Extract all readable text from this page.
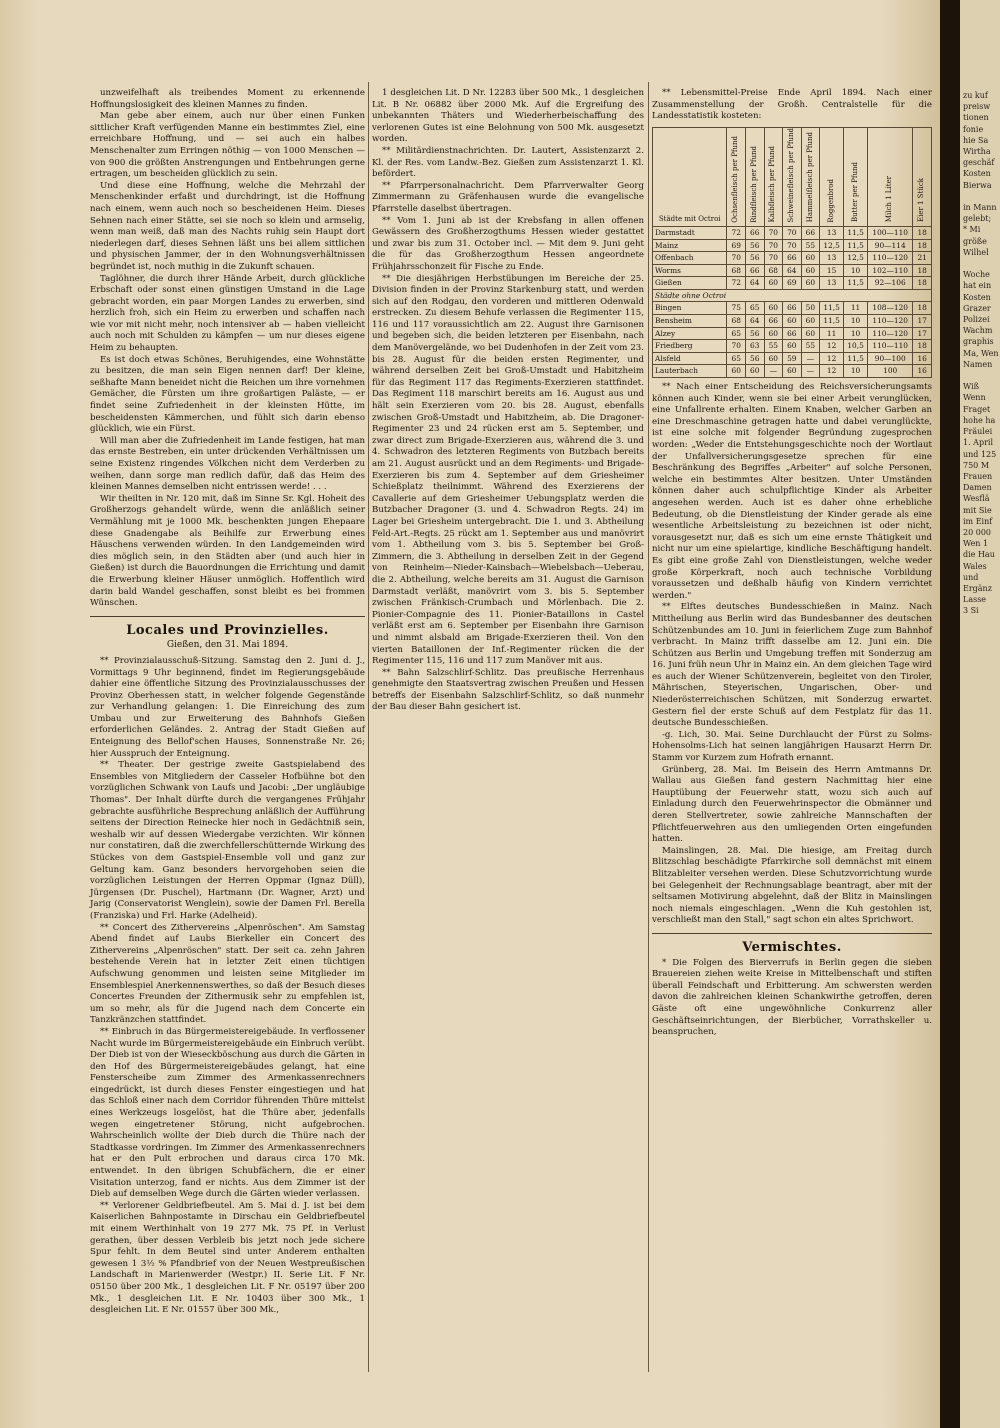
unzweifelhaft als treibendes Moment zu erkennende Hoffnungslosigkeit des kleinen Mannes zu finden.

Man gebe aber einem, auch nur über einen Funken sittlicher Kraft verfügenden Manne ein bestimmtes Ziel, eine erreichbare Hoffnung, und — sei auch ein halbes Menschenalter zum Erringen nöthig — von 1000 Menschen — von 900 die größten Anstrengungen und Entbehrungen gerne ertragen, um bescheiden glücklich zu sein.

Und diese eine Hoffnung, welche die Mehrzahl der Menschenkinder erfaßt und durchdringt, ist die Hoffnung nach einem, wenn auch noch so bescheidenen Heim. Dieses Sehnen nach einer Stätte, sei sie noch so klein und armselig, wenn man weiß, daß man des Nachts ruhig sein Haupt dort niederlegen darf, dieses Sehnen läßt uns bei allem sittlichen und physischen Jammer, der in den Wohnungsverhältnissen begründet ist, noch muthig in die Zukunft schauen.

Taglöhner, die durch ihrer Hände Arbeit, durch glückliche Erbschaft oder sonst einen günstigen Umstand in die Lage gebracht worden, ein paar Morgen Landes zu erwerben, sind herzlich froh, sich ein Heim zu erwerben und schaffen nach wie vor mit nicht mehr, noch intensiver ab — haben vielleicht auch noch mit Schulden zu kämpfen — um nur dieses eigene Heim zu behaupten.

Es ist doch etwas Schönes, Beruhigendes, eine Wohnstätte zu besitzen, die man sein Eigen nennen darf! Der kleine, seßhafte Mann beneidet nicht die Reichen um ihre vornehmen Gemächer, die Fürsten um ihre großartigen Paläste, — er findet seine Zufriedenheit in der kleinsten Hütte, im bescheidensten Kämmerchen, und fühlt sich darin ebenso glücklich, wie ein Fürst.

Will man aber die Zufriedenheit im Lande festigen, hat man das ernste Bestreben, ein unter drückenden Verhältnissen um seine Existenz ringendes Völkchen nicht dem Verderben zu weihen, dann sorge man redlich dafür, daß das Heim des kleinen Mannes demselben nicht entrissen werde! . . .

Wir theilten in Nr. 120 mit, daß im Sinne Sr. Kgl. Hoheit des Großherzogs gehandelt würde, wenn die anläßlich seiner Vermählung mit je 1000 Mk. beschenkten jungen Ehepaare diese Gnadengabe als Beihilfe zur Erwerbung eines Häuschens verwenden würden. In den Landgemeinden wird dies möglich sein, in den Städten aber (und auch hier in Gießen) ist durch die Bauordnungen die Errichtung und damit die Erwerbung kleiner Häuser unmöglich. Hoffentlich wird darin bald Wandel geschaffen, sonst bleibt es bei frommen Wünschen.

Locales und Provinzielles.
Gießen, den 31. Mai 1894.

** Provinzialausschuß-Sitzung. Samstag den 2. Juni d. J., Vormittags 9 Uhr beginnend, findet im Regierungsgebäude dahier eine öffentliche Sitzung des Provinzialausschusses der Provinz Oberhessen statt, in welcher folgende Gegenstände zur Verhandlung gelangen: 1. Die Einreichung des zum Umbau und zur Erweiterung des Bahnhofs Gießen erforderlichen Geländes. 2. Antrag der Stadt Gießen auf Enteignung des Bellof'schen Hauses, Sonnenstraße Nr. 26; hier Ausspruch der Enteignung.

** Theater. Der gestrige zweite Gastspielabend des Ensembles von Mitgliedern der Casseler Hofbühne bot den vorzüglichen Schwank von Laufs und Jacobi: „Der ungläubige Thomas". Der Inhalt dürfte durch die vergangenes Frühjahr gebrachte ausführliche Besprechung anläßlich der Aufführung seitens der Direction Reinecke hier noch in Gedächtniß sein, weshalb wir auf dessen Wiedergabe verzichten. Wir können nur constatiren, daß die zwerchfellerschütternde Wirkung des Stückes von dem Gastspiel-Ensemble voll und ganz zur Geltung kam. Ganz besonders hervorgehoben seien die vorzüglichen Leistungen der Herren Oppmar (Ignaz Düll), Jürgensen (Dr. Puschel), Hartmann (Dr. Wagner, Arzt) und Jarig (Conservatorist Wenglein), sowie der Damen Frl. Berella (Franziska) und Frl. Harke (Adelheid).

** Concert des Zithervereins „Alpenröschen". Am Samstag Abend findet auf Laubs Bierkeller ein Concert des Zithervereins „Alpenröschen" statt. Der seit ca. zehn Jahren bestehende Verein hat in letzter Zeit einen tüchtigen Aufschwung genommen und leisten seine Mitglieder im Ensemblespiel Anerkennenswerthes, so daß der Besuch dieses Concertes Freunden der Zithermusik sehr zu empfehlen ist, um so mehr, als für die Jugend nach dem Concerte ein Tanzkränzchen stattfindet.

** Einbruch in das Bürgermeistereigebäude. In verflossener Nacht wurde im Bürgermeistereigebäude ein Einbruch verübt. Der Dieb ist von der Wieseckböschung aus durch die Gärten in den Hof des Bürgermeistereigebäudes gelangt, hat eine Fensterscheibe zum Zimmer des Armenkassenrechners eingedrückt, ist durch dieses Fenster eingestiegen und hat das Schloß einer nach dem Corridor führenden Thüre mittelst eines Werkzeugs losgelöst, hat die Thüre aber, jedenfalls wegen eingetretener Störung, nicht aufgebrochen. Wahrscheinlich wollte der Dieb durch die Thüre nach der Stadtkasse vordringen. Im Zimmer des Armenkassenrechners hat er den Pult erbrochen und daraus circa 170 Mk. entwendet. In den übrigen Schubfächern, die er einer Visitation unterzog, fand er nichts. Aus dem Zimmer ist der Dieb auf demselben Wege durch die Gärten wieder verlassen.

** Verlorener Geldbriefbeutel. Am 5. Mai d. J. ist bei dem Kaiserlichen Bahnpostamte in Dirschau ein Geldbriefbeutel mit einem Werthinhalt von 19 277 Mk. 75 Pf. in Verlust gerathen, über dessen Verbleib bis jetzt noch jede sichere Spur fehlt. In dem Beutel sind unter Anderem enthalten gewesen 1 3½ % Pfandbrief von der Neuen Westpreußischen Landschaft in Marienwerder (Westpr.) II. Serie Lit. F Nr. 05150 über 200 Mk., 1 desgleichen Lit. F Nr. 05197 über 200 Mk., 1 desgleichen Lit. E Nr. 10403 über 300 Mk., 1 desgleichen Lit. E Nr. 01557 über 300 Mk.,

1 desgleichen Lit. D Nr. 12283 über 500 Mk., 1 desgleichen Lit. B Nr. 06882 über 2000 Mk. Auf die Ergreifung des unbekannten Thäters und Wiederherbeischaffung des verlorenen Gutes ist eine Belohnung von 500 Mk. ausgesetzt worden.

** Militärdienstnachrichten. Dr. Lautert, Assistenzarzt 2. Kl. der Res. vom Landw.-Bez. Gießen zum Assistenzarzt 1. Kl. befördert.

** Pfarrpersonalnachricht. Dem Pfarrverwalter Georg Zimmermann zu Gräfenhausen wurde die evangelische Pfarrstelle daselbst übertragen.

** Vom 1. Juni ab ist der Krebsfang in allen offenen Gewässern des Großherzogthums Hessen wieder gestattet und zwar bis zum 31. October incl. — Mit dem 9. Juni geht die für das Großherzogthum Hessen angeordnete Frühjahrsschonzeit für Fische zu Ende.

** Die diesjährigen Herbstübungen im Bereiche der 25. Division finden in der Provinz Starkenburg statt, und werden sich auf den Rodgau, den vorderen und mittleren Odenwald erstrecken. Zu diesem Behufe verlassen die Regimenter 115, 116 und 117 voraussichtlich am 22. August ihre Garnisonen und begeben sich, die beiden letzteren per Eisenbahn, nach dem Manövergelände, wo bei Dudenhofen in der Zeit vom 23. bis 28. August für die beiden ersten Regimenter, und während derselben Zeit bei Groß-Umstadt und Habitzheim für das Regiment 117 das Regiments-Exerzieren stattfindet. Das Regiment 118 marschirt bereits am 16. August aus und hält sein Exerzieren vom 20. bis 28. August, ebenfalls zwischen Groß-Umstadt und Habitzheim, ab. Die Dragoner-Regimenter 23 und 24 rücken erst am 5. September, und zwar direct zum Brigade-Exerzieren aus, während die 3. und 4. Schwadron des letzteren Regiments von Butzbach bereits am 21. August ausrückt und an dem Regiments- und Brigade-Exerzieren bis zum 4. September auf dem Griesheimer Schießplatz theilnimmt. Während des Exerzierens der Cavallerie auf dem Griesheimer Uebungsplatz werden die Butzbacher Dragoner (3. und 4. Schwadron Regts. 24) im Lager bei Griesheim untergebracht. Die 1. und 3. Abtheilung Feld-Art.-Regts. 25 rückt am 1. September aus und manövrirt vom 1. Abtheilung vom 3. bis 5. September bei Groß-Zimmern, die 3. Abtheilung in derselben Zeit in der Gegend von Reinheim—Nieder-Kainsbach—Wiebelsbach—Ueberau, die 2. Abtheilung, welche bereits am 31. August die Garnison Darmstadt verläßt, manövrirt vom 3. bis 5. September zwischen Fränkisch-Crumbach und Mörlenbach. Die 2. Pionier-Compagnie des 11. Pionier-Bataillons in Castel verläßt erst am 6. September per Eisenbahn ihre Garnison und nimmt alsbald am Brigade-Exerzieren theil. Von den vierten Bataillonen der Inf.-Regimenter rücken die der Regimenter 115, 116 und 117 zum Manöver mit aus.

** Bahn Salzschlirf-Schlitz. Das preußische Herrenhaus genehmigte den Staatsvertrag zwischen Preußen und Hessen betreffs der Eisenbahn Salzschlirf-Schlitz, so daß nunmehr der Bau dieser Bahn gesichert ist.

** Lebensmittel-Preise Ende April 1894. Nach einer Zusammenstellung der Großh. Centralstelle für die Landesstatistik kosteten:

Städte mit Octroi	Ochsenfleisch per Pfund	Rindfleisch per Pfund	Kalbfleisch per Pfund	Schweinefleisch per Pfund	Hammelfleisch per Pfund	Roggenbrod	Butter per Pfund	Milch 1 Liter	Eier 1 Stück
Darmstadt	72	66	70	70	66	13	11,5	100—110	18
Mainz	69	56	70	70	55	12,5	11,5	90—114	18
Offenbach	70	56	70	66	60	13	12,5	110—120	21
Worms	68	66	68	64	60	15	10	102—110	18
Gießen	72	64	60	69	60	13	11,5	92—106	18
Städte ohne Octroi									
Bingen	75	65	60	66	50	11,5	11	108—120	18
Bensheim	68	64	66	60	60	11,5	10	110—120	17
Alzey	65	56	60	66	60	11	10	110—120	17
Friedberg	70	63	55	60	55	12	10,5	110—110	18
Alsfeld	65	56	60	59	—	12	11,5	90—100	16
Lauterbach	60	60	—	60	—	12	10	100	16

** Nach einer Entscheidung des Reichsversicherungsamts können auch Kinder, wenn sie bei einer Arbeit verunglücken, eine Unfallrente erhalten. Einem Knaben, welcher Garben an eine Dreschmaschine getragen hatte und dabei verunglückte, ist eine solche mit folgender Begründung zugesprochen worden: „Weder die Entstehungsgeschichte noch der Wortlaut der Unfallversicherungsgesetze sprechen für eine Beschränkung des Begriffes „Arbeiter" auf solche Personen, welche ein bestimmtes Alter besitzen. Unter Umständen können daher auch schulpflichtige Kinder als Arbeiter angesehen werden. Auch ist es daher ohne erhebliche Bedeutung, ob die Dienstleistung der Kinder gerade als eine wesentliche Arbeitsleistung zu bezeichnen ist oder nicht, vorausgesetzt nur, daß es sich um eine ernste Thätigkeit und nicht nur um eine spielartige, kindliche Beschäftigung handelt. Es gibt eine große Zahl von Dienstleistungen, welche weder große Körperkraft, noch auch technische Vorbildung voraussetzen und deßhalb häufig von Kindern verrichtet werden."

** Elftes deutsches Bundesschießen in Mainz. Nach Mittheilung aus Berlin wird das Bundesbanner des deutschen Schützenbundes am 10. Juni in feierlichem Zuge zum Bahnhof verbracht. In Mainz trifft dasselbe am 12. Juni ein. Die Schützen aus Berlin und Umgebung treffen mit Sonderzug am 16. Juni früh neun Uhr in Mainz ein. An dem gleichen Tage wird es auch der Wiener Schützenverein, begleitet von den Tiroler, Mährischen, Steyerischen, Ungarischen, Ober- und Niederösterreichischen Schützen, mit Sonderzug erwartet. Gestern fiel der erste Schuß auf dem Festplatz für das 11. deutsche Bundesschießen.

-g. Lich, 30. Mai. Seine Durchlaucht der Fürst zu Solms-Hohensolms-Lich hat seinen langjährigen Hausarzt Herrn Dr. Stamm vor Kurzem zum Hofrath ernannt.

Grünberg, 28. Mai. Im Beisein des Herrn Amtmanns Dr. Wallau aus Gießen fand gestern Nachmittag hier eine Hauptübung der Feuerwehr statt, wozu sich auch auf Einladung durch den Feuerwehrinspector die Obmänner und deren Stellvertreter, sowie zahlreiche Mannschaften der Pflichtfeuerwehren aus den umliegenden Orten eingefunden hatten.

Mainslingen, 28. Mai. Die hiesige, am Freitag durch Blitzschlag beschädigte Pfarrkirche soll demnächst mit einem Blitzableiter versehen werden. Diese Schutzvorrichtung wurde bei Gelegenheit der Rechnungsablage beantragt, aber mit der seltsamen Motivirung abgelehnt, daß der Blitz in Mainslingen noch niemals eingeschlagen. „Wenn die Kuh gestohlen ist, verschließt man den Stall," sagt schon ein altes Sprichwort.

Vermischtes.

* Die Folgen des Bierverrufs in Berlin gegen die sieben Brauereien ziehen weite Kreise in Mittelbenschaft und stiften überall Feindschaft und Erbitterung. Am schwersten werden davon die zahlreichen kleinen Schankwirthe getroffen, deren Gäste oft eine ungewöhnliche Conkurrenz aller Geschäftseinrichtungen, der Bierbücher, Vorrathskeller u. beanspruchen,

zu kuf
preisw
tionen
fonie
hie Sa
Wirtha
geschäf
Kosten
Bierwa

in Mann
gelebt;
* Mi
größe
Wilhel

Woche
hat ein
Kosten
Grazer
Polizei
Wachm
graphis
Ma, Wen
Namen

Wiß
Wenn
Fraget
hohe ha
Fräulei
1. April
und 125
750 M
Frauen
Damen
Wesflä
mit Sie
im Einf
20 000
Wen 1
die Hau
Wales
und
Ergänz
Lasse
3 Si
